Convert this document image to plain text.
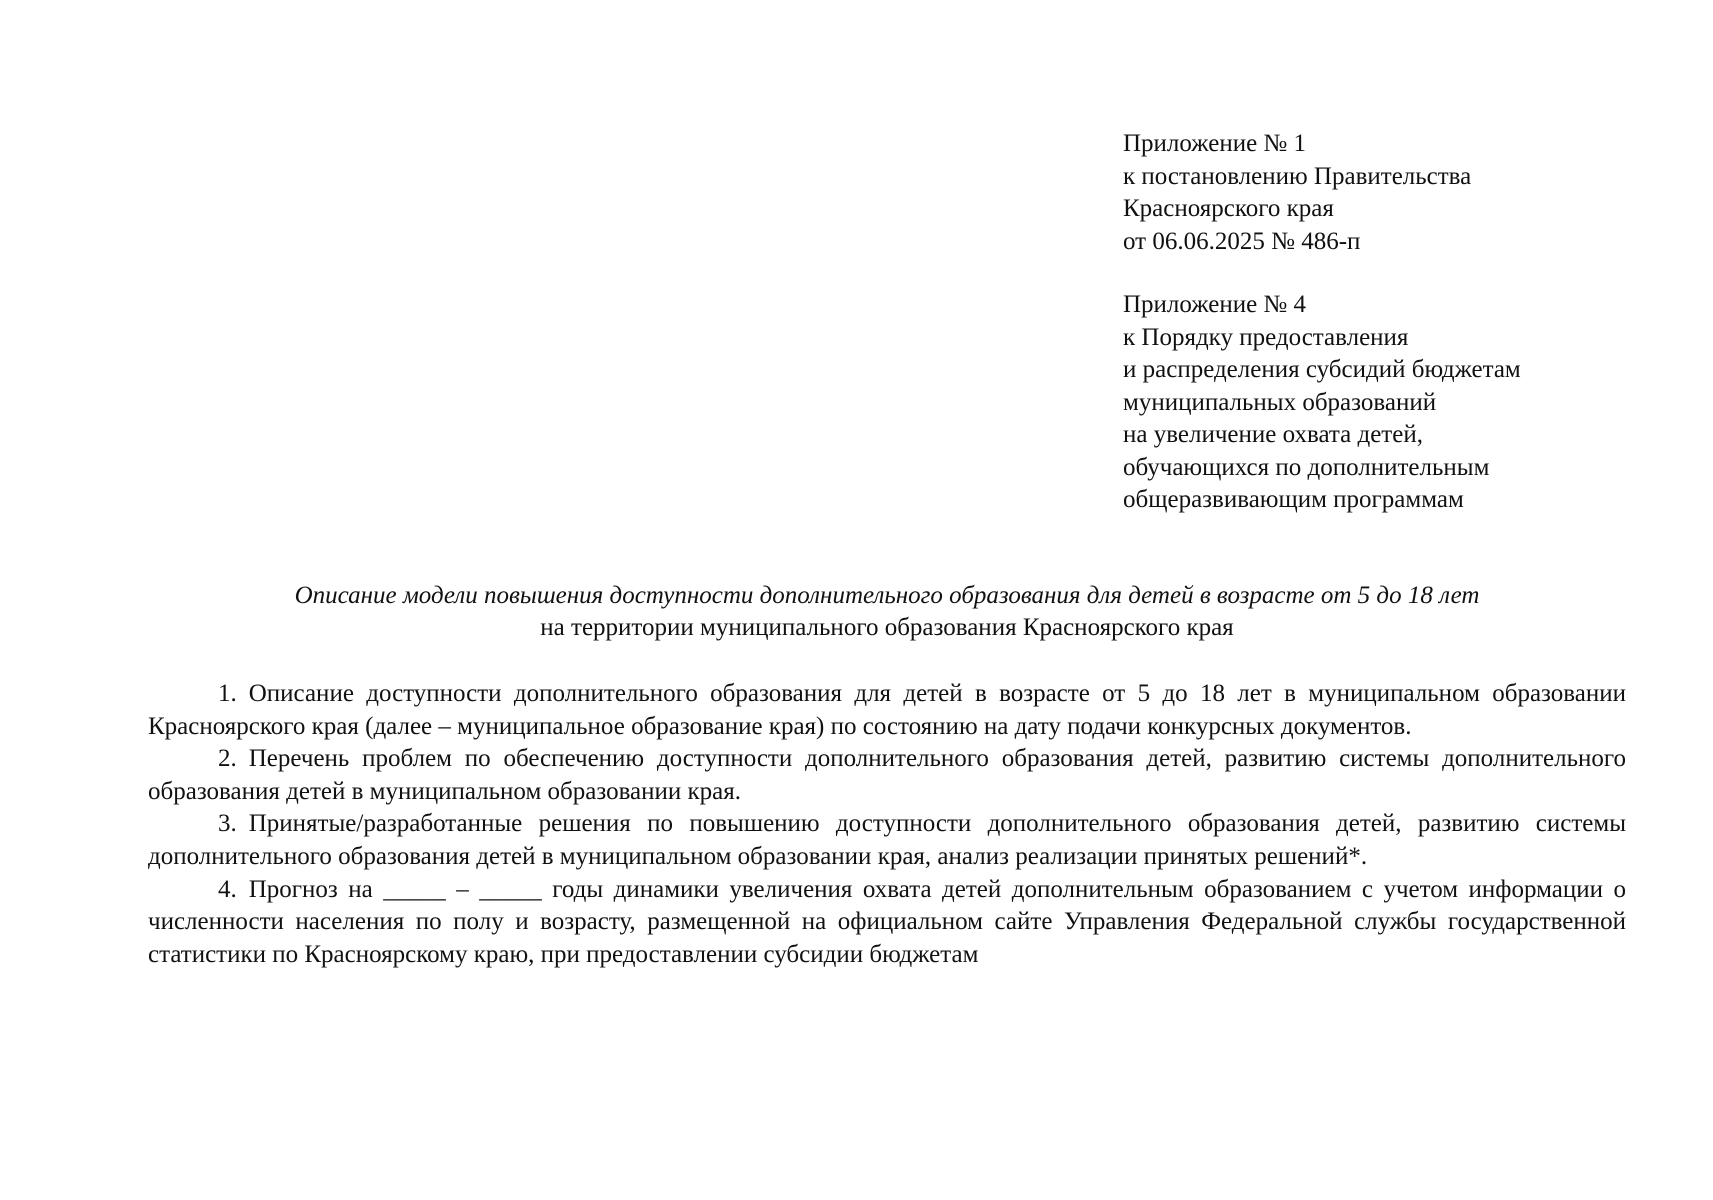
Приложение № 1
к постановлению Правительства
Красноярского края
от 06.06.2025 № 486-п
Приложение № 4
к Порядку предоставления
и распределения субсидий бюджетам
муниципальных образований
на увеличение охвата детей,
обучающихся по дополнительным
общеразвивающим программам
Описание модели повышения доступности дополнительного образования для детей в возрасте от 5 до 18 лет
на территории муниципального образования Красноярского края

1. Описание доступности дополнительного образования для детей в возрасте от 5 до 18 лет в муниципальном образовании Красноярского края (далее – муниципальное образование края) по состоянию на дату подачи конкурсных документов.

2. Перечень проблем по обеспечению доступности дополнительного образования детей, развитию системы дополнительного образования детей в муниципальном образовании края.

3. Принятые/разработанные решения по повышению доступности дополнительного образования детей, развитию системы дополнительного образования детей в муниципальном образовании края, анализ реализации принятых решений*.

4. Прогноз на _____ – _____ годы динамики увеличения охвата детей дополнительным образованием с учетом информации о численности населения по полу и возрасту, размещенной на официальном сайте Управления Федеральной службы государственной статистики по Красноярскому краю, при предоставлении субсидии бюджетам
